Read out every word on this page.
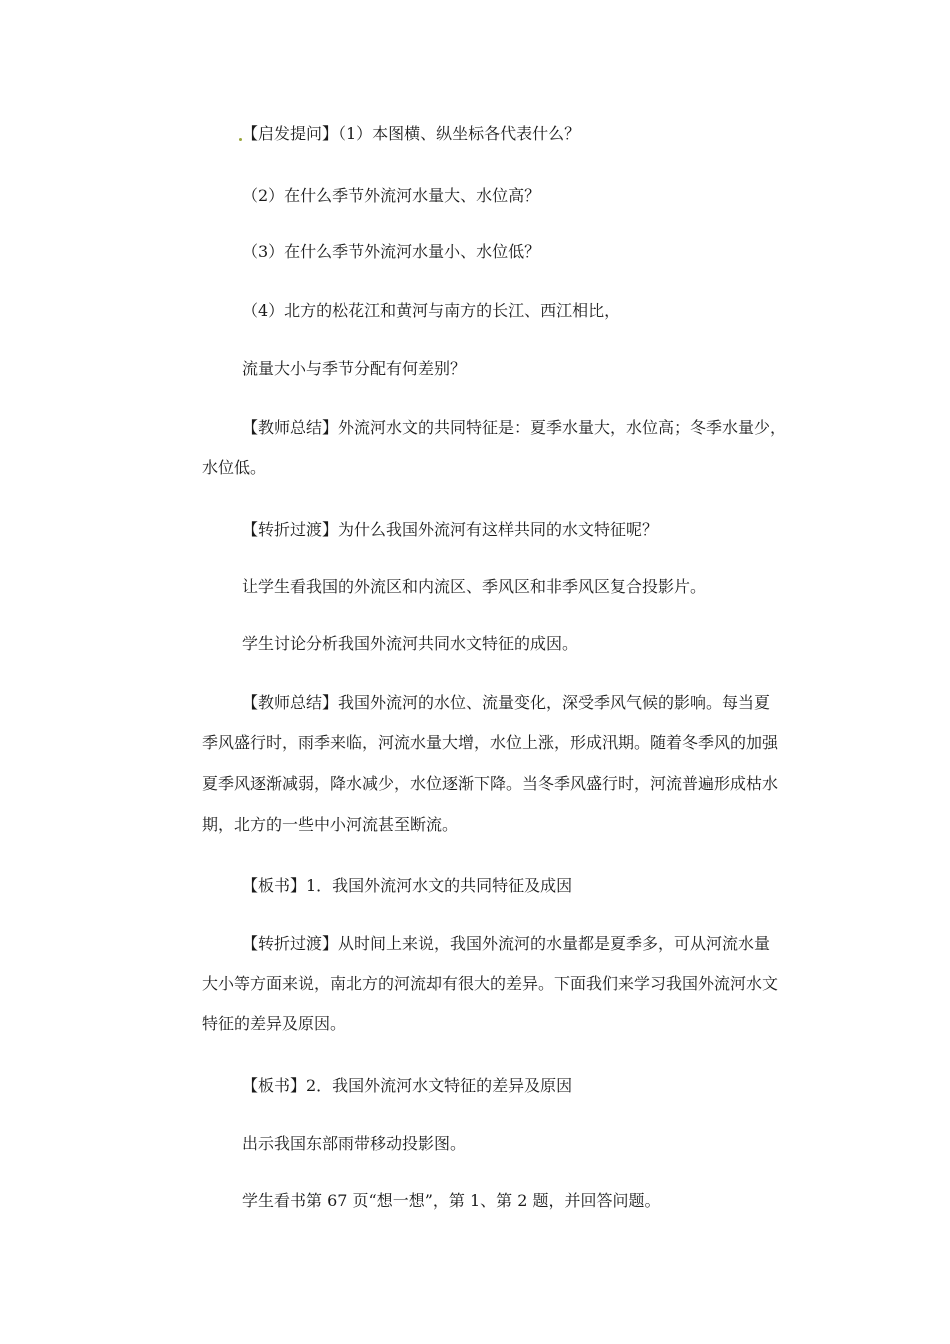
【启发提问】（1）本图横、纵坐标各代表什么？
（2）在什么季节外流河水量大、水位高？
（3）在什么季节外流河水量小、水位低？
（4）北方的松花江和黄河与南方的长江、西江相比，
流量大小与季节分配有何差别？
【教师总结】外流河水文的共同特征是：夏季水量大，水位高；冬季水量少，
水位低。
【转折过渡】为什么我国外流河有这样共同的水文特征呢？
让学生看我国的外流区和内流区、季风区和非季风区复合投影片。
学生讨论分析我国外流河共同水文特征的成因。
【教师总结】我国外流河的水位、流量变化，深受季风气候的影响。每当夏
季风盛行时，雨季来临，河流水量大增，水位上涨，形成汛期。随着冬季风的加强
夏季风逐渐减弱，降水减少，水位逐渐下降。当冬季风盛行时，河流普遍形成枯水
期，北方的一些中小河流甚至断流。
【板书】1．我国外流河水文的共同特征及成因
【转折过渡】从时间上来说，我国外流河的水量都是夏季多，可从河流水量
大小等方面来说，南北方的河流却有很大的差异。下面我们来学习我国外流河水文
特征的差异及原因。
【板书】2．我国外流河水文特征的差异及原因
出示我国东部雨带移动投影图。
学生看书第 67 页“想一想”，第 1、第 2 题，并回答问题。
